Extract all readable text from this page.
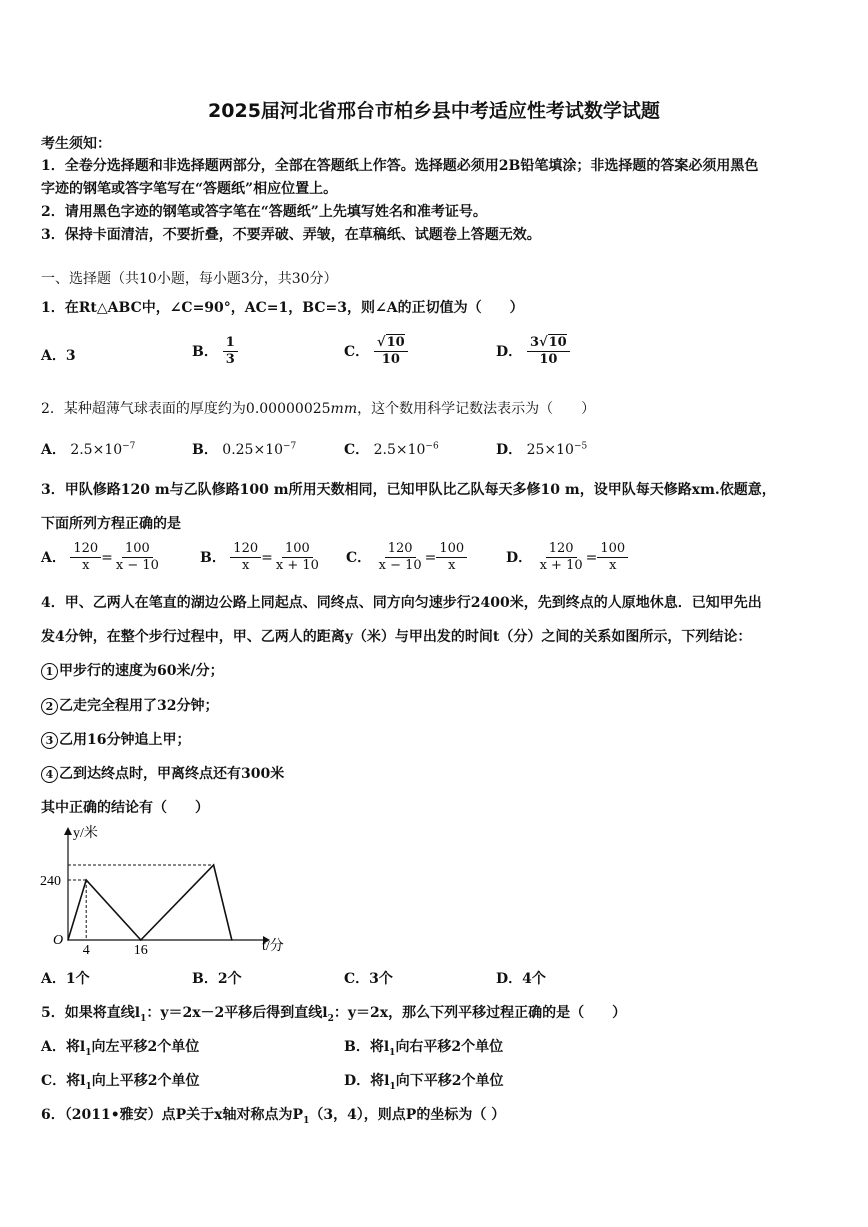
2025届河北省邢台市柏乡县中考适应性考试数学试题
考生须知：
1．全卷分选择题和非选择题两部分，全部在答题纸上作答。选择题必须用2B铅笔填涂；非选择题的答案必须用黑色
字迹的钢笔或答字笔写在“答题纸”相应位置上。
2．请用黑色字迹的钢笔或答字笔在“答题纸”上先填写姓名和准考证号。
3．保持卡面清洁，不要折叠，不要弄破、弄皱，在草稿纸、试题卷上答题无效。
一、选择题（共10小题，每小题3分，共30分）
1．在Rt△ABC中，∠C=90°，AC=1，BC=3，则∠A的正切值为（　　）
A．3	B． $\frac{1}{3}$	C． $\frac{√10}{10}$	D． $\frac{3√10}{10}$
2．某种超薄气球表面的厚度约为0.00000025mm，这个数用科学记数法表示为（　　）
A． $2.5\times 10^{-7}$	B． $0.25\times 10^{-7}$	C． $2.5\times 10^{-6}$	D． $25\times 10^{-5}$
3．甲队修路120 m与乙队修路100 m所用天数相同，已知甲队比乙队每天多修10 m，设甲队每天修路xm.依题意，
下面所列方程正确的是
A． $\frac{120}{x} = \frac{100}{x - 10}$	B． $\frac{120}{x} = \frac{100}{x + 10}$ C． $\frac{120}{x - 10} = \frac{100}{x}$	D． $\frac{120}{x + 10} = \frac{100}{x}$
4．甲、乙两人在笔直的湖边公路上同起点、同终点、同方向匀速步行2400米，先到终点的人原地休息．已知甲先出
发4分钟，在整个步行过程中，甲、乙两人的距离y（米）与甲出发的时间t（分）之间的关系如图所示，下列结论：
1 甲步行的速度为60米/分；
2 乙走完全程用了32分钟；
3 乙用16分钟追上甲；
4 乙到达终点时，甲离终点还有300米
其中正确的结论有（　　）
y/米
t/分
O
240
4	16
A．1个	B．2个	C．3个	D．4个
5．如果将直线$l_1$：y＝2x－2平移后得到直线$l_2$：y＝2x，那么下列平移过程正确的是（　　）
A．将$l_1$向左平移2个单位	B．将$l_1$向右平移2个单位
C．将$l_1$向上平移2个单位	D．将$l_1$向下平移2个单位
6．（2011•雅安）点P关于x轴对称点为$P_1(3$，4），则点P的坐标为（ ）
